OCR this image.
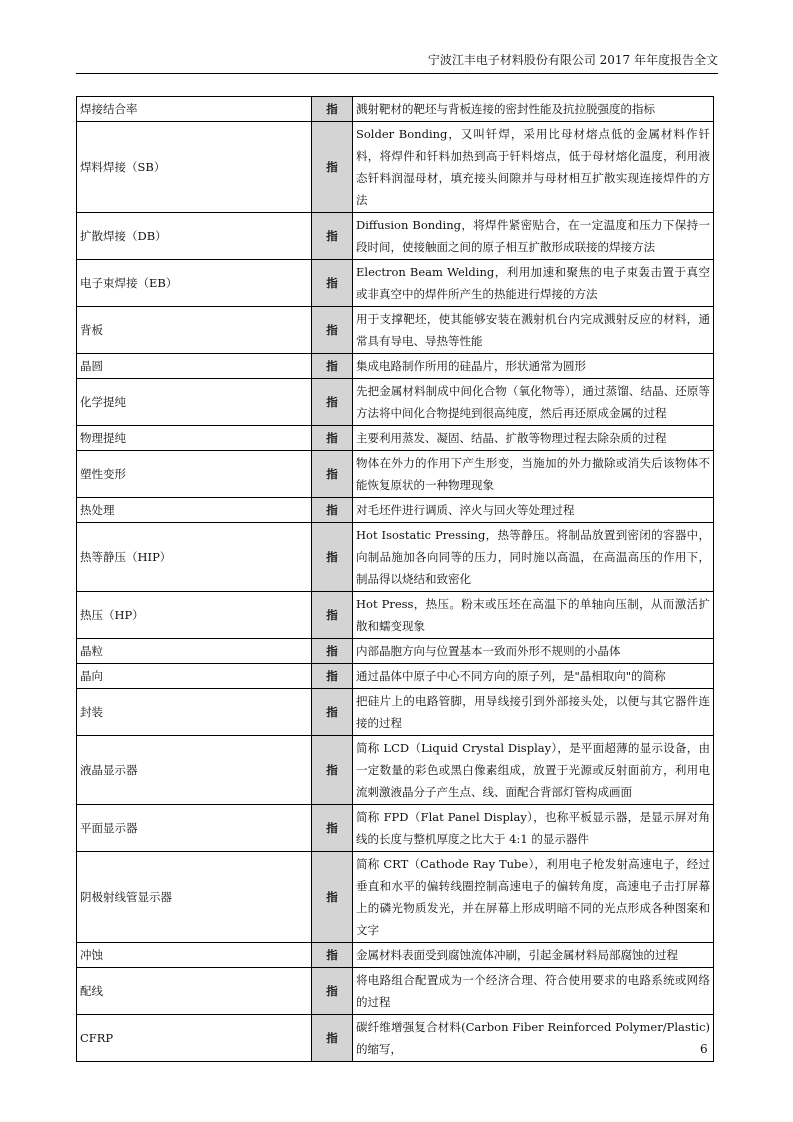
宁波江丰电子材料股份有限公司 2017 年年度报告全文
焊接结合率	指	溅射靶材的靶坯与背板连接的密封性能及抗拉脱强度的指标
焊料焊接（SB）	指	Solder Bonding，又叫钎焊，采用比母材熔点低的金属材料作钎料，将焊件和钎料加热到高于钎料熔点，低于母材熔化温度，利用液态钎料润湿母材，填充接头间隙并与母材相互扩散实现连接焊件的方法
扩散焊接（DB）	指	Diffusion Bonding，将焊件紧密贴合，在一定温度和压力下保持一段时间，使接触面之间的原子相互扩散形成联接的焊接方法
电子束焊接（EB）	指	Electron Beam Welding，利用加速和聚焦的电子束轰击置于真空或非真空中的焊件所产生的热能进行焊接的方法
背板	指	用于支撑靶坯，使其能够安装在溅射机台内完成溅射反应的材料，通常具有导电、导热等性能
晶圆	指	集成电路制作所用的硅晶片，形状通常为圆形
化学提纯	指	先把金属材料制成中间化合物（氧化物等），通过蒸馏、结晶、还原等方法将中间化合物提纯到很高纯度，然后再还原成金属的过程
物理提纯	指	主要利用蒸发、凝固、结晶、扩散等物理过程去除杂质的过程
塑性变形	指	物体在外力的作用下产生形变，当施加的外力撤除或消失后该物体不能恢复原状的一种物理现象
热处理	指	对毛坯件进行调质、淬火与回火等处理过程
热等静压（HIP）	指	Hot Isostatic Pressing，热等静压。将制品放置到密闭的容器中，向制品施加各向同等的压力，同时施以高温，在高温高压的作用下，制品得以烧结和致密化
热压（HP）	指	Hot Press，热压。粉末或压坯在高温下的单轴向压制，从而激活扩散和蠕变现象
晶粒	指	内部晶胞方向与位置基本一致而外形不规则的小晶体
晶向	指	通过晶体中原子中心不同方向的原子列，是"晶相取向"的简称
封装	指	把硅片上的电路管脚，用导线接引到外部接头处，以便与其它器件连接的过程
液晶显示器	指	简称 LCD（Liquid Crystal Display），是平面超薄的显示设备，由一定数量的彩色或黑白像素组成，放置于光源或反射面前方，利用电流刺激液晶分子产生点、线、面配合背部灯管构成画面
平面显示器	指	简称 FPD（Flat Panel Display），也称平板显示器，是显示屏对角线的长度与整机厚度之比大于 4:1 的显示器件
阴极射线管显示器	指	简称 CRT（Cathode Ray Tube），利用电子枪发射高速电子，经过垂直和水平的偏转线圈控制高速电子的偏转角度，高速电子击打屏幕上的磷光物质发光，并在屏幕上形成明暗不同的光点形成各种图案和文字
冲蚀	指	金属材料表面受到腐蚀流体冲刷，引起金属材料局部腐蚀的过程
配线	指	将电路组合配置成为一个经济合理、符合使用要求的电路系统或网络的过程
CFRP	指	碳纤维增强复合材料(Carbon Fiber Reinforced Polymer/Plastic)的缩写，	6
